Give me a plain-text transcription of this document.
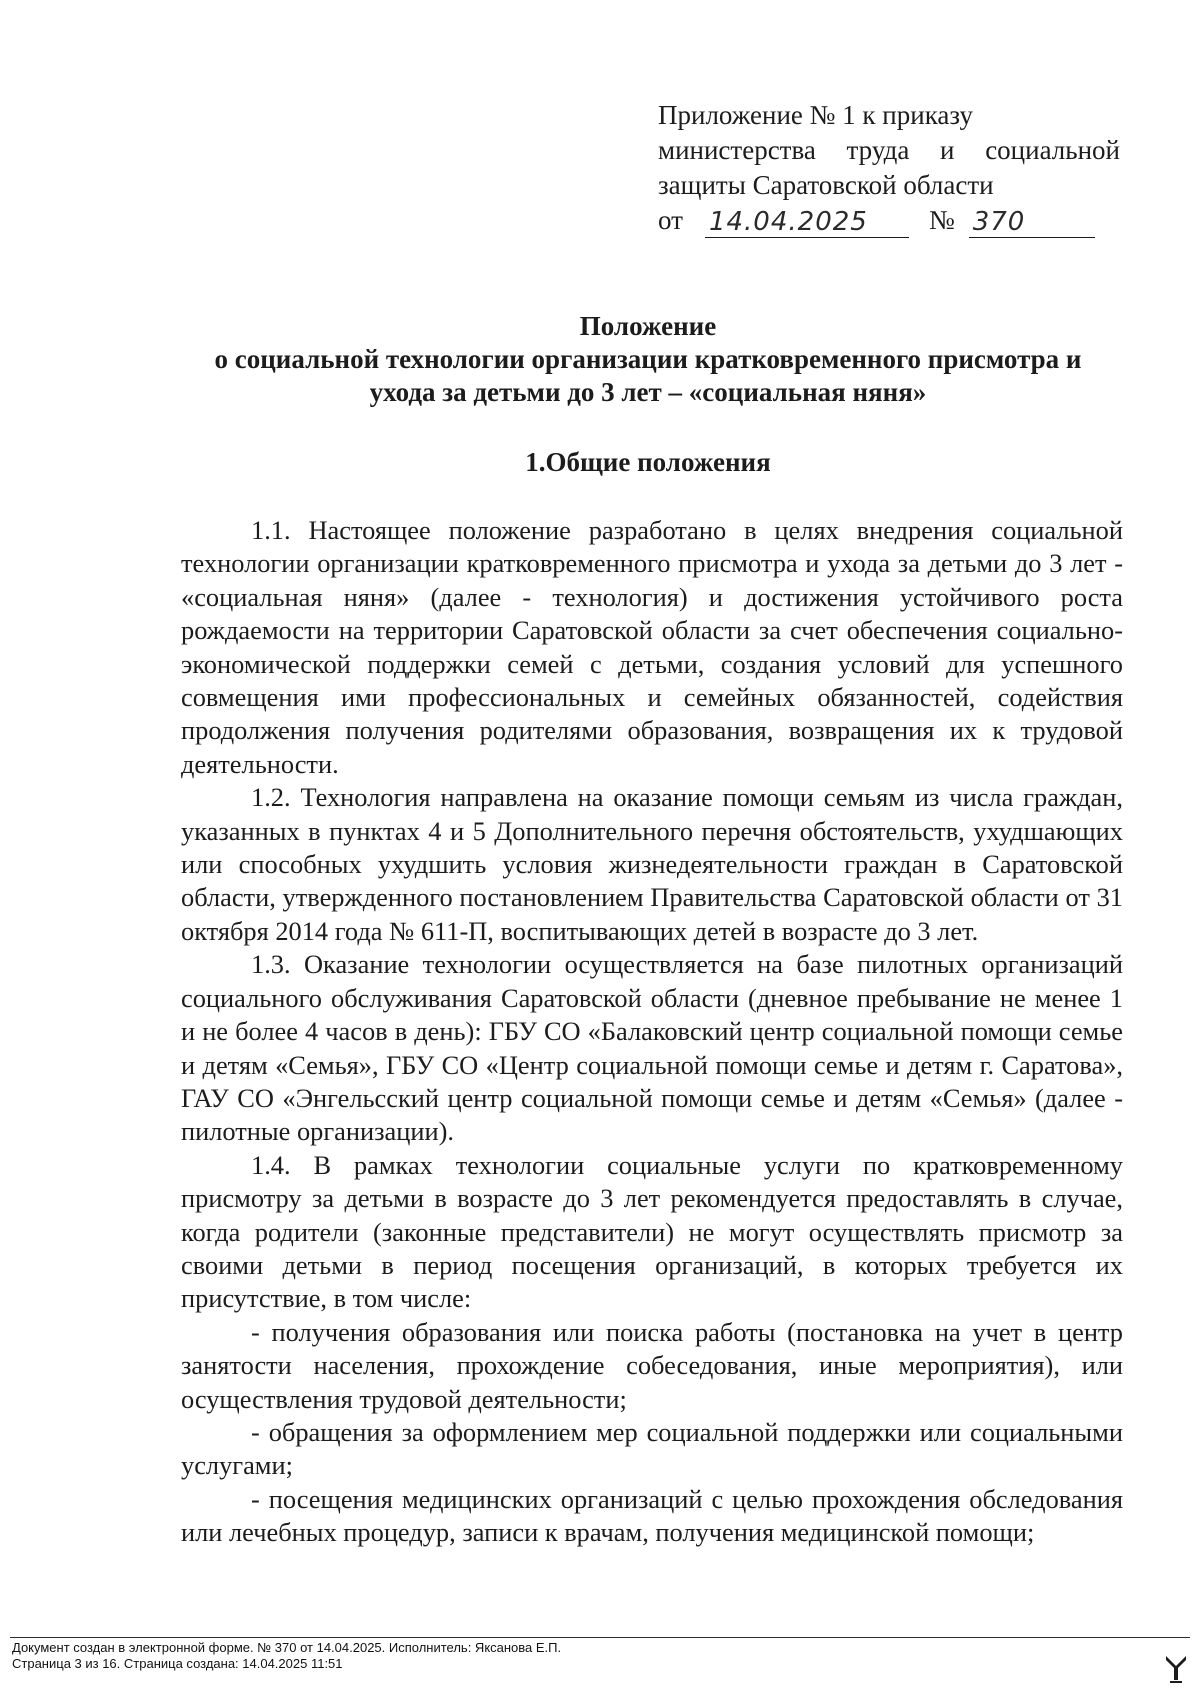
Приложение № 1 к приказу
министерства труда и социальной
защиты Саратовской области
от 14.04.2025	№ 370
Положение
о социальной технологии организации кратковременного присмотра и
ухода за детьми до 3 лет – «социальная няня»
1.Общие положения

1.1. Настоящее положение разработано в целях внедрения социальной технологии организации кратковременного присмотра и ухода за детьми до 3 лет - «социальная няня» (далее - технология) и достижения устойчивого роста рождаемости на территории Саратовской области за счет обеспечения социально-экономической поддержки семей с детьми, создания условий для успешного совмещения ими профессиональных и семейных обязанностей, содействия продолжения получения родителями образования, возвращения их к трудовой деятельности.

1.2. Технология направлена на оказание помощи семьям из числа граждан, указанных в пунктах 4 и 5 Дополнительного перечня обстоятельств, ухудшающих или способных ухудшить условия жизнедеятельности граждан в Саратовской области, утвержденного постановлением Правительства Саратовской области от 31 октября 2014 года № 611-П, воспитывающих детей в возрасте до 3 лет.

1.3. Оказание технологии осуществляется на базе пилотных организаций социального обслуживания Саратовской области (дневное пребывание не менее 1 и не более 4 часов в день): ГБУ СО «Балаковский центр социальной помощи семье и детям «Семья», ГБУ СО «Центр социальной помощи семье и детям г. Саратова», ГАУ СО «Энгельсский центр социальной помощи семье и детям «Семья» (далее - пилотные организации).

1.4. В рамках технологии социальные услуги по кратковременному присмотру за детьми в возрасте до 3 лет рекомендуется предоставлять в случае, когда родители (законные представители) не могут осуществлять присмотр за своими детьми в период посещения организаций, в которых требуется их присутствие, в том числе:

- получения образования или поиска работы (постановка на учет в центр занятости населения, прохождение собеседования, иные мероприятия), или осуществления трудовой деятельности;

- обращения за оформлением мер социальной поддержки или социальными услугами;

- посещения медицинских организаций с целью прохождения обследования или лечебных процедур, записи к врачам, получения медицинской помощи;

Документ создан в электронной форме. № 370 от 14.04.2025. Исполнитель: Яксанова Е.П.
Страница 3 из 16. Страница создана: 14.04.2025 11:51
